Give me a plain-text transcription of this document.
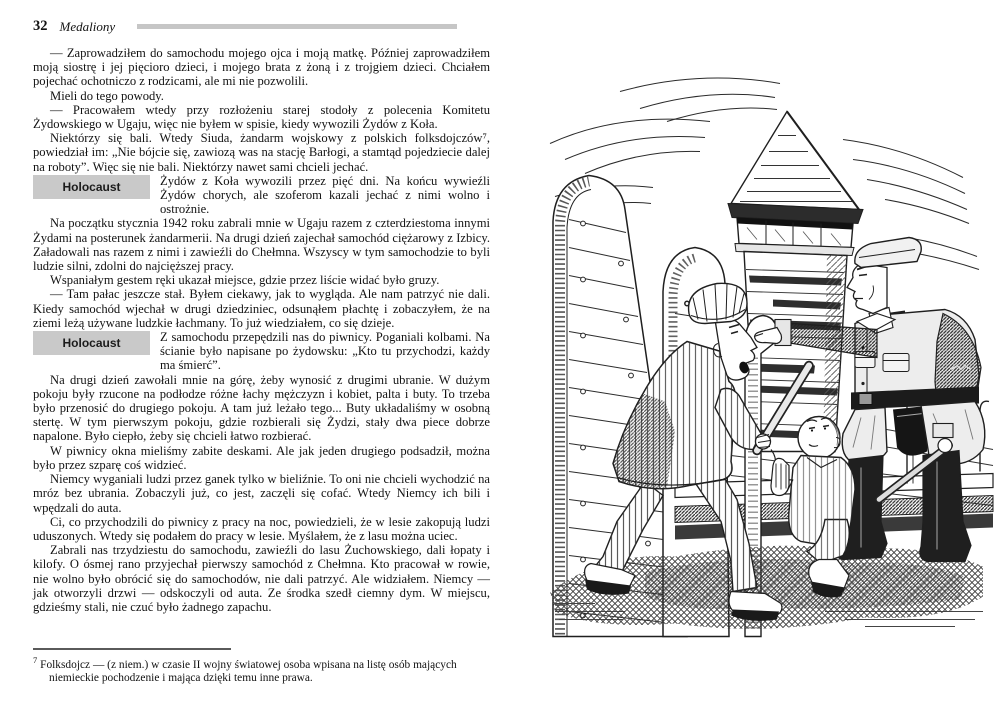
32 Medaliony

— Zaprowadziłem do samochodu mojego ojca i moją matkę. Później zaprowadziłem moją siostrę i jej pięcioro dzieci, i mojego brata z żoną i z trojgiem dzieci. Chciałem pojechać ochotniczo z rodzicami, ale mi nie pozwolili.

Mieli do tego powody.

— Pracowałem wtedy przy rozłożeniu starej stodoły z polecenia Komitetu Żydowskiego w Ugaju, więc nie byłem w spisie, kiedy wywozili Żydów z Koła.

Niektórzy się bali. Wtedy Siuda, żandarm wojskowy z polskich folksdojczów⁷, powiedział im: „Nie bójcie się, zawiozą was na stację Barłogi, a stamtąd pojedziecie dalej na roboty”. Więc się nie bali. Niektórzy nawet sami chcieli jechać.

Holocaust	Żydów z Koła wywozili przez pięć dni. Na końcu wywieźli Żydów chorych, ale szoferom kazali jechać z nimi wolno i ostrożnie.

Na początku stycznia 1942 roku zabrali mnie w Ugaju razem z czterdziestoma innymi Żydami na posterunek żandarmerii. Na drugi dzień zajechał samochód ciężarowy z Izbicy. Załadowali nas razem z nimi i zawieźli do Chełmna. Wszyscy w tym samochodzie to byli ludzie silni, zdolni do najcięższej pracy.

Wspaniałym gestem ręki ukazał miejsce, gdzie przez liście widać było gruzy.

— Tam pałac jeszcze stał. Byłem ciekawy, jak to wygląda. Ale nam patrzyć nie dali. Kiedy samochód wjechał w drugi dziedziniec, odsunąłem płachtę i zobaczyłem, że na ziemi leżą używane ludzkie łachmany. To już wiedziałem, co się dzieje.

Holocaust	Z samochodu przepędzili nas do piwnicy. Poganiali kolbami. Na ścianie było napisane po żydowsku: „Kto tu przychodzi, każdy ma śmierć”.

Na drugi dzień zawołali mnie na górę, żeby wynosić z drugimi ubranie. W dużym pokoju były rzucone na podłodze różne łachy mężczyzn i kobiet, palta i buty. To trzeba było przenosić do drugiego pokoju. A tam już leżało tego... Buty układaliśmy w osobną stertę. W tym pierwszym pokoju, gdzie rozbierali się Żydzi, stały dwa piece dobrze napalone. Było ciepło, żeby się chcieli łatwo rozbierać.

W piwnicy okna mieliśmy zabite deskami. Ale jak jeden drugiego podsadził, można było przez szparę coś widzieć.

Niemcy wyganiali ludzi przez ganek tylko w bieliźnie. To oni nie chcieli wychodzić na mróz bez ubrania. Zobaczyli już, co jest, zaczęli się cofać. Wtedy Niemcy ich bili i wpędzali do auta.

Ci, co przychodzili do piwnicy z pracy na noc, powiedzieli, że w lesie zakopują ludzi uduszonych. Wtedy się podałem do pracy w lesie. Myślałem, że z lasu można uciec.

Zabrali nas trzydziestu do samochodu, zawieźli do lasu Żuchowskiego, dali łopaty i kilofy. O ósmej rano przyjechał pierwszy samochód z Chełmna. Kto pracował w rowie, nie wolno było obrócić się do samochodów, nie dali patrzyć. Ale widziałem. Niemcy — jak otworzyli drzwi — odskoczyli od auta. Ze środka szedł ciemny dym. W miejscu, gdzieśmy stali, nie czuć było żadnego zapachu.

$^7$ Folksdojcz — (z niem.) w czasie II wojny światowej osoba wpisana na listę osób mających niemieckie pochodzenie i mająca dzięki temu inne prawa.
